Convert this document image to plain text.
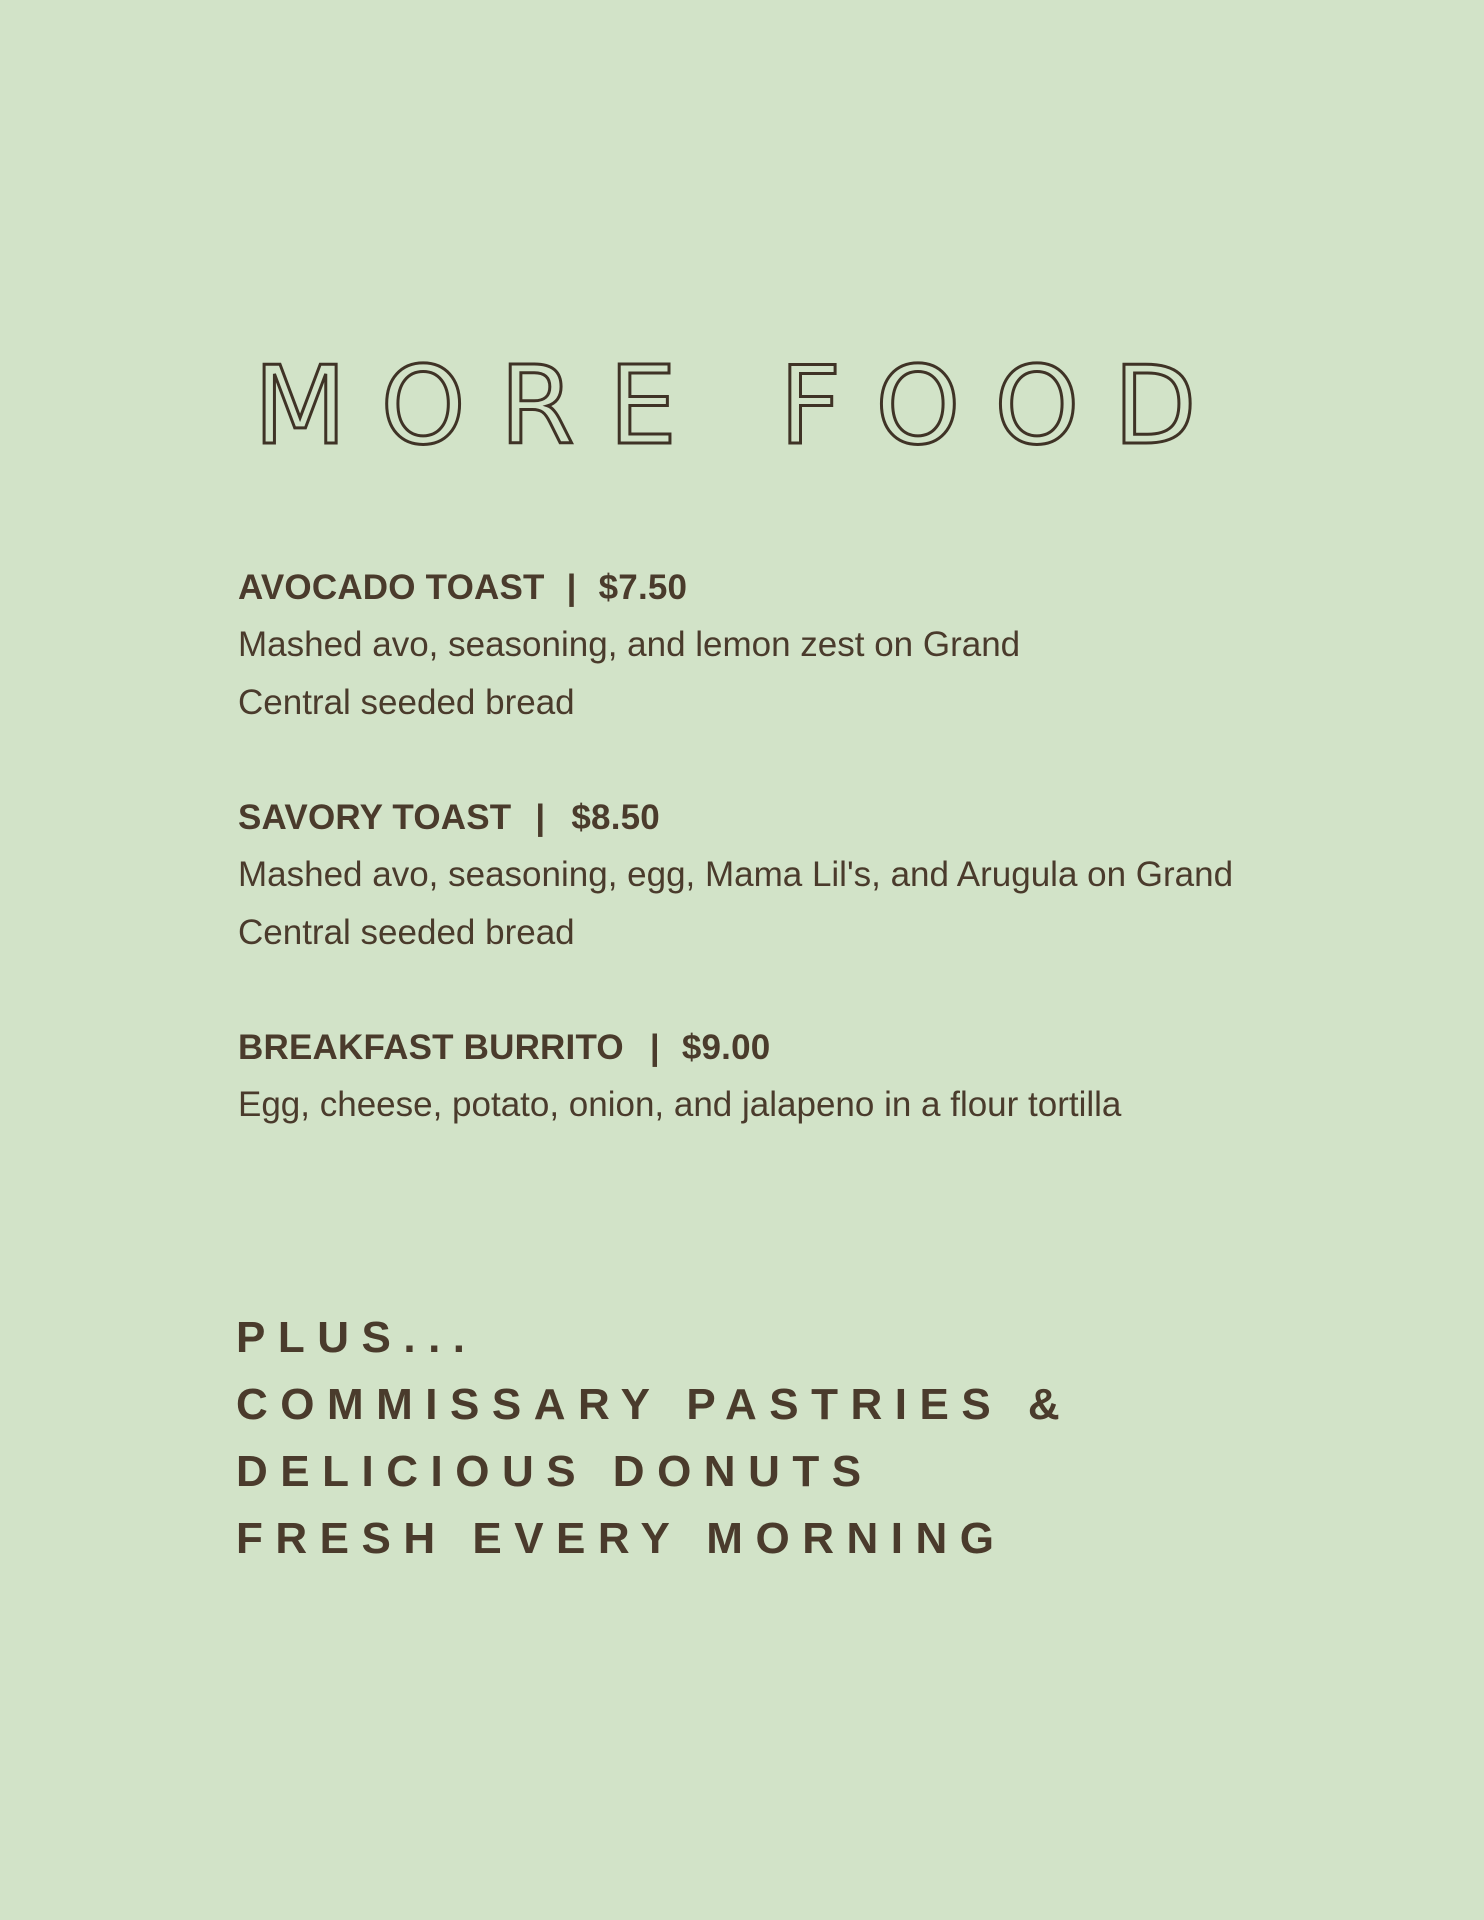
MORE FOOD
AVOCADO TOAST | $7.50
Mashed avo, seasoning, and lemon zest on Grand Central seeded bread
SAVORY TOAST | $8.50
Mashed avo, seasoning, egg, Mama Lil's, and Arugula on Grand Central seeded bread
BREAKFAST BURRITO | $9.00
Egg, cheese, potato, onion, and jalapeno in a flour tortilla
PLUS...
COMMISSARY PASTRIES &
DELICIOUS DONUTS
FRESH EVERY MORNING
